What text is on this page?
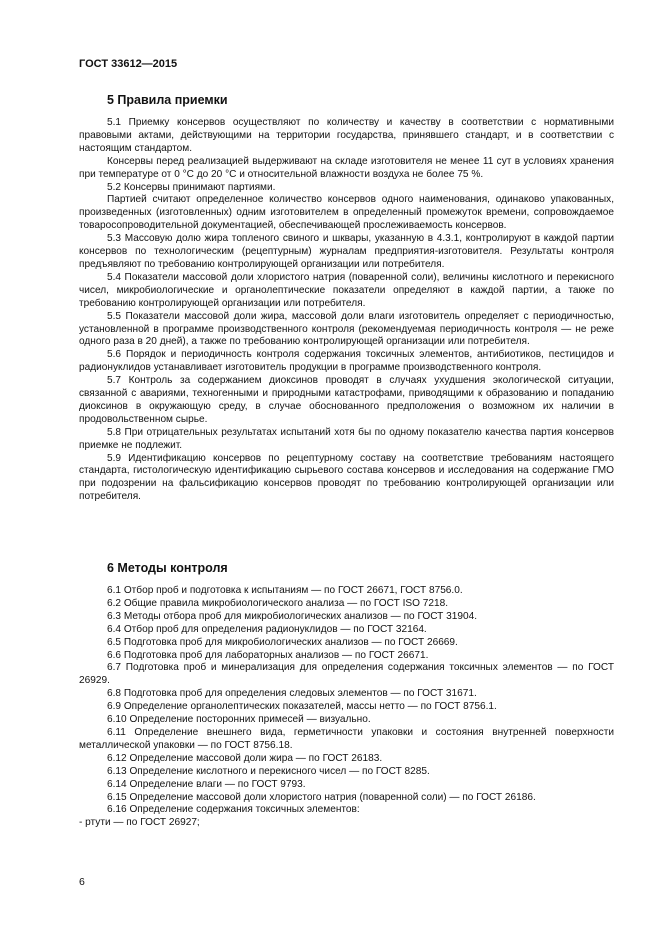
ГОСТ 33612—2015
5 Правила приемки

5.1 Приемку консервов осуществляют по количеству и качеству в соответствии с нормативными правовыми актами, действующими на территории государства, принявшего стандарт, и в соответствии с настоящим стандартом.

Консервы перед реализацией выдерживают на складе изготовителя не менее 11 сут в условиях хранения при температуре от 0 °С до 20 °С и относительной влажности воздуха не более 75 %.

5.2 Консервы принимают партиями.

Партией считают определенное количество консервов одного наименования, одинаково упакованных, произведенных (изготовленных) одним изготовителем в определенный промежуток времени, сопровождаемое товаросопроводительной документацией, обеспечивающей прослеживаемость консервов.

5.3 Массовую долю жира топленого свиного и шквары, указанную в 4.3.1, контролируют в каждой партии консервов по технологическим (рецептурным) журналам предприятия-изготовителя. Результаты контроля предъявляют по требованию контролирующей организации или потребителя.

5.4 Показатели массовой доли хлористого натрия (поваренной соли), величины кислотного и перекисного чисел, микробиологические и органолептические показатели определяют в каждой партии, а также по требованию контролирующей организации или потребителя.

5.5 Показатели массовой доли жира, массовой доли влаги изготовитель определяет с периодичностью, установленной в программе производственного контроля (рекомендуемая периодичность контроля — не реже одного раза в 20 дней), а также по требованию контролирующей организации или потребителя.

5.6 Порядок и периодичность контроля содержания токсичных элементов, антибиотиков, пестицидов и радионуклидов устанавливает изготовитель продукции в программе производственного контроля.

5.7 Контроль за содержанием диоксинов проводят в случаях ухудшения экологической ситуации, связанной с авариями, техногенными и природными катастрофами, приводящими к образованию и попаданию диоксинов в окружающую среду, в случае обоснованного предположения о возможном их наличии в продовольственном сырье.

5.8 При отрицательных результатах испытаний хотя бы по одному показателю качества партия консервов приемке не подлежит.

5.9 Идентификацию консервов по рецептурному составу на соответствие требованиям настоящего стандарта, гистологическую идентификацию сырьевого состава консервов и исследования на содержание ГМО при подозрении на фальсификацию консервов проводят по требованию контролирующей организации или потребителя.

6 Методы контроля

6.1 Отбор проб и подготовка к испытаниям — по ГОСТ 26671, ГОСТ 8756.0.

6.2 Общие правила микробиологического анализа — по ГОСТ ISO 7218.

6.3 Методы отбора проб для микробиологических анализов — по ГОСТ 31904.

6.4 Отбор проб для определения радионуклидов — по ГОСТ 32164.

6.5 Подготовка проб для микробиологических анализов — по ГОСТ 26669.

6.6 Подготовка проб для лабораторных анализов — по ГОСТ 26671.

6.7 Подготовка проб и минерализация для определения содержания токсичных элементов — по ГОСТ 26929.

6.8 Подготовка проб для определения следовых элементов — по ГОСТ 31671.

6.9 Определение органолептических показателей, массы нетто — по ГОСТ 8756.1.

6.10 Определение посторонних примесей — визуально.

6.11 Определение внешнего вида, герметичности упаковки и состояния внутренней поверхности металлической упаковки — по ГОСТ 8756.18.

6.12 Определение массовой доли жира — по ГОСТ 26183.

6.13 Определение кислотного и перекисного чисел — по ГОСТ 8285.

6.14 Определение влаги — по ГОСТ 9793.

6.15 Определение массовой доли хлористого натрия (поваренной соли) — по ГОСТ 26186.

6.16 Определение содержания токсичных элементов:

- ртути — по ГОСТ 26927;

6
